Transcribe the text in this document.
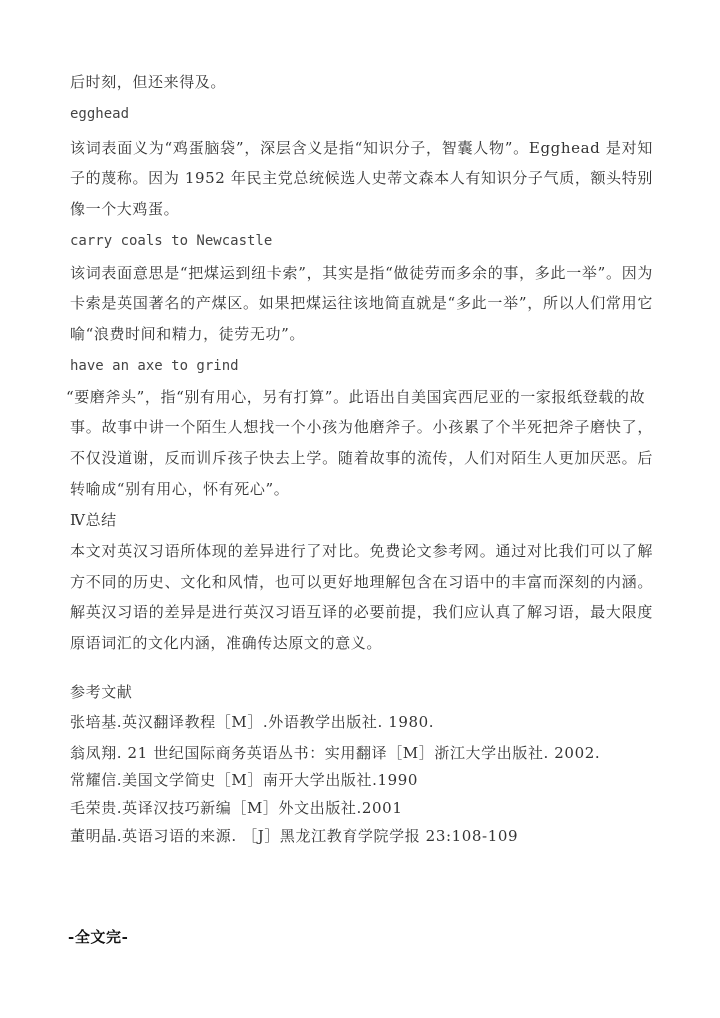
后时刻，但还来得及。
egghead
该词表面义为“鸡蛋脑袋”，深层含义是指“知识分子，智囊人物”。Egghead 是对知
子的蔑称。因为 1952 年民主党总统候选人史蒂文森本人有知识分子气质，额头特别
像一个大鸡蛋。
carry coals to Newcastle
该词表面意思是“把煤运到纽卡索”，其实是指“做徒劳而多余的事，多此一举”。因为
卡索是英国著名的产煤区。如果把煤运往该地简直就是“多此一举”，所以人们常用它
喻“浪费时间和精力，徒劳无功”。
have an axe to grind
“要磨斧头”，指“别有用心，另有打算”。此语出自美国宾西尼亚的一家报纸登载的故
事。故事中讲一个陌生人想找一个小孩为他磨斧子。小孩累了个半死把斧子磨快了，
不仅没道谢，反而训斥孩子快去上学。随着故事的流传，人们对陌生人更加厌恶。后
转喻成“别有用心，怀有死心”。
Ⅳ总结
本文对英汉习语所体现的差异进行了对比。免费论文参考网。通过对比我们可以了解
方不同的历史、文化和风情，也可以更好地理解包含在习语中的丰富而深刻的内涵。
解英汉习语的差异是进行英汉习语互译的必要前提，我们应认真了解习语，最大限度
原语词汇的文化内涵，准确传达原文的意义。
参考文献
张培基.英汉翻译教程［M］.外语教学出版社. 1980.
翁凤翔. 21 世纪国际商务英语丛书：实用翻译［M］浙江大学出版社. 2002.
常耀信.美国文学简史［M］南开大学出版社.1990
毛荣贵.英译汉技巧新编［M］外文出版社.2001
董明晶.英语习语的来源. ［J］黑龙江教育学院学报 23:108-109
-全文完-
